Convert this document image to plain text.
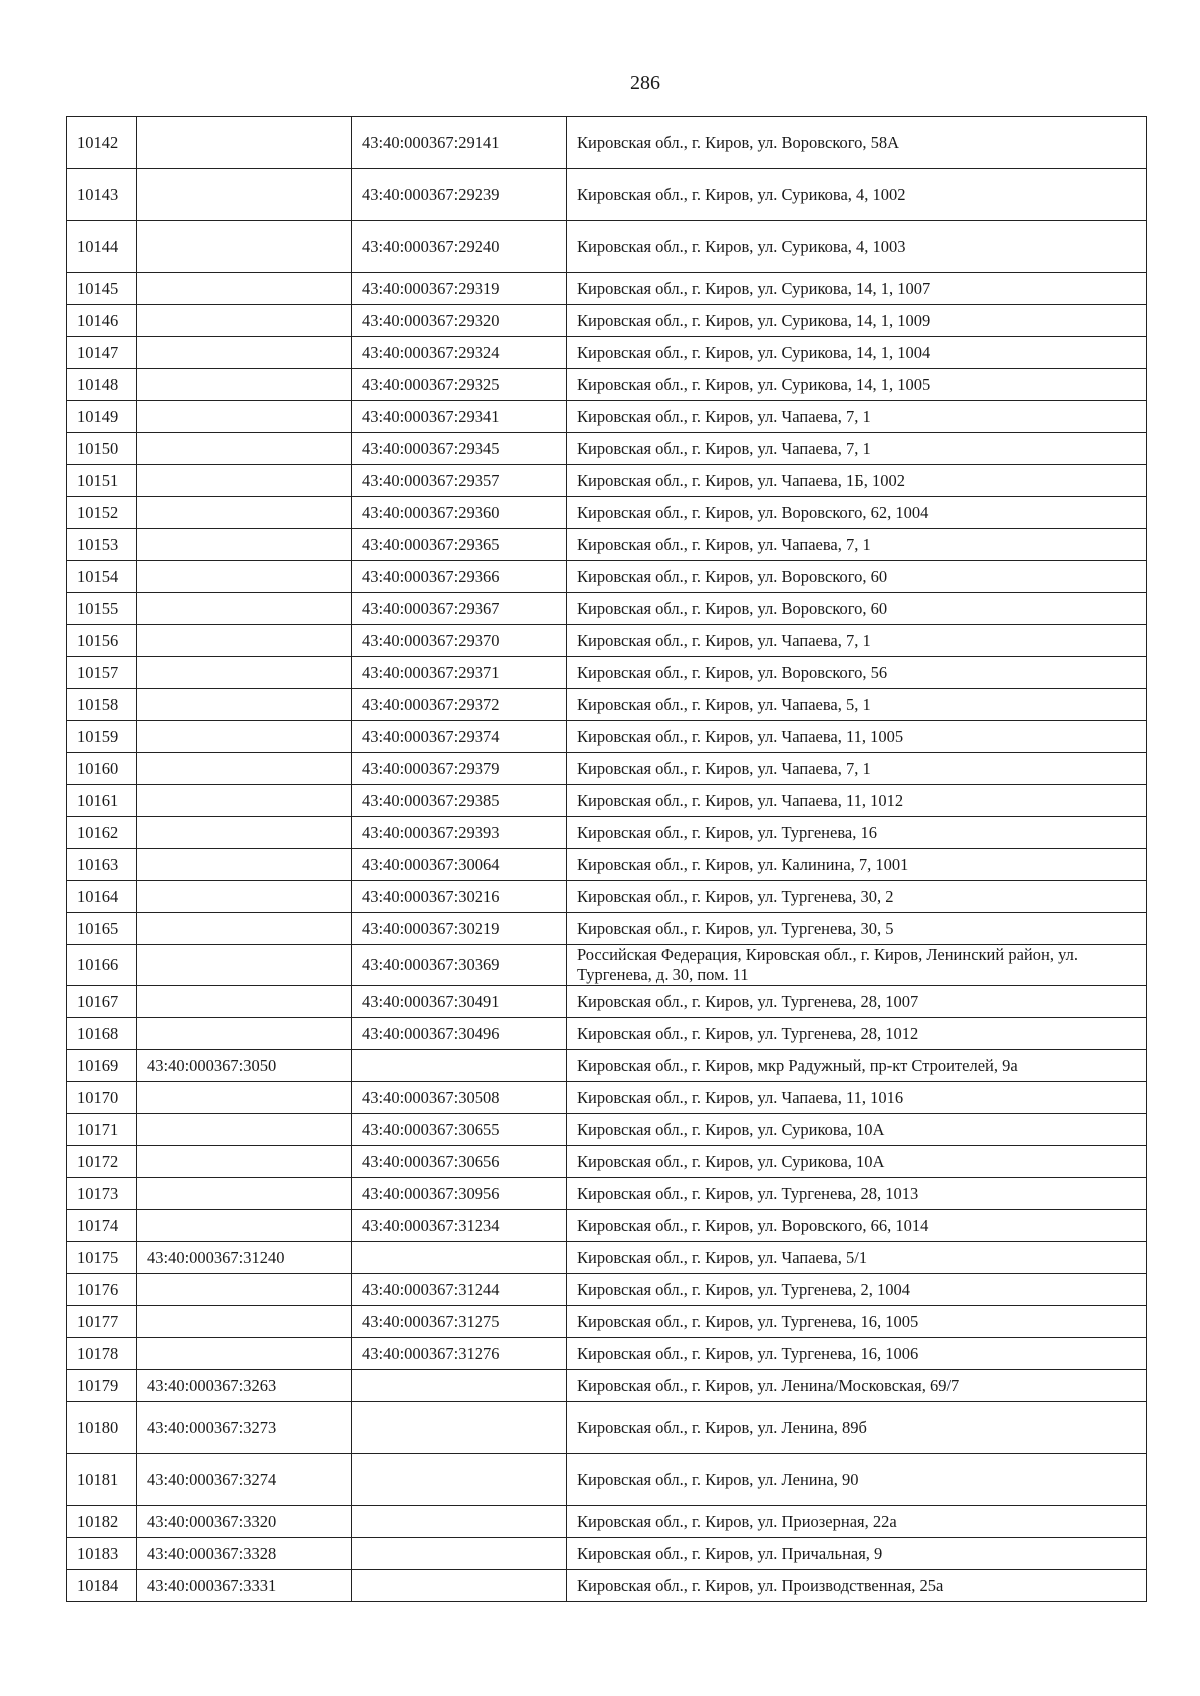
286
10142		43:40:000367:29141	Кировская обл., г. Киров, ул. Воровского, 58А
10143		43:40:000367:29239	Кировская обл., г. Киров, ул. Сурикова, 4, 1002
10144		43:40:000367:29240	Кировская обл., г. Киров, ул. Сурикова, 4, 1003
10145		43:40:000367:29319	Кировская обл., г. Киров, ул. Сурикова, 14, 1, 1007
10146		43:40:000367:29320	Кировская обл., г. Киров, ул. Сурикова, 14, 1, 1009
10147		43:40:000367:29324	Кировская обл., г. Киров, ул. Сурикова, 14, 1, 1004
10148		43:40:000367:29325	Кировская обл., г. Киров, ул. Сурикова, 14, 1, 1005
10149		43:40:000367:29341	Кировская обл., г. Киров, ул. Чапаева, 7, 1
10150		43:40:000367:29345	Кировская обл., г. Киров, ул. Чапаева, 7, 1
10151		43:40:000367:29357	Кировская обл., г. Киров, ул. Чапаева, 1Б, 1002
10152		43:40:000367:29360	Кировская обл., г. Киров, ул. Воровского, 62, 1004
10153		43:40:000367:29365	Кировская обл., г. Киров, ул. Чапаева, 7, 1
10154		43:40:000367:29366	Кировская обл., г. Киров, ул. Воровского, 60
10155		43:40:000367:29367	Кировская обл., г. Киров, ул. Воровского, 60
10156		43:40:000367:29370	Кировская обл., г. Киров, ул. Чапаева, 7, 1
10157		43:40:000367:29371	Кировская обл., г. Киров, ул. Воровского, 56
10158		43:40:000367:29372	Кировская обл., г. Киров, ул. Чапаева, 5, 1
10159		43:40:000367:29374	Кировская обл., г. Киров, ул. Чапаева, 11, 1005
10160		43:40:000367:29379	Кировская обл., г. Киров, ул. Чапаева, 7, 1
10161		43:40:000367:29385	Кировская обл., г. Киров, ул. Чапаева, 11, 1012
10162		43:40:000367:29393	Кировская обл., г. Киров, ул. Тургенева, 16
10163		43:40:000367:30064	Кировская обл., г. Киров, ул. Калинина, 7, 1001
10164		43:40:000367:30216	Кировская обл., г. Киров, ул. Тургенева, 30, 2
10165		43:40:000367:30219	Кировская обл., г. Киров, ул. Тургенева, 30, 5
10166		43:40:000367:30369	Российская Федерация, Кировская обл., г. Киров, Ленинский район, ул. Тургенева, д. 30, пом. 11
10167		43:40:000367:30491	Кировская обл., г. Киров, ул. Тургенева, 28, 1007
10168		43:40:000367:30496	Кировская обл., г. Киров, ул. Тургенева, 28, 1012
10169	43:40:000367:3050		Кировская обл., г. Киров, мкр Радужный, пр-кт Строителей, 9а
10170		43:40:000367:30508	Кировская обл., г. Киров, ул. Чапаева, 11, 1016
10171		43:40:000367:30655	Кировская обл., г. Киров, ул. Сурикова, 10А
10172		43:40:000367:30656	Кировская обл., г. Киров, ул. Сурикова, 10А
10173		43:40:000367:30956	Кировская обл., г. Киров, ул. Тургенева, 28, 1013
10174		43:40:000367:31234	Кировская обл., г. Киров, ул. Воровского, 66, 1014
10175	43:40:000367:31240		Кировская обл., г. Киров, ул. Чапаева, 5/1
10176		43:40:000367:31244	Кировская обл., г. Киров, ул. Тургенева, 2, 1004
10177		43:40:000367:31275	Кировская обл., г. Киров, ул. Тургенева, 16, 1005
10178		43:40:000367:31276	Кировская обл., г. Киров, ул. Тургенева, 16, 1006
10179	43:40:000367:3263		Кировская обл., г. Киров, ул. Ленина/Московская, 69/7
10180	43:40:000367:3273		Кировская обл., г. Киров, ул. Ленина, 89б
10181	43:40:000367:3274		Кировская обл., г. Киров, ул. Ленина, 90
10182	43:40:000367:3320		Кировская обл., г. Киров, ул. Приозерная, 22а
10183	43:40:000367:3328		Кировская обл., г. Киров, ул. Причальная, 9
10184	43:40:000367:3331		Кировская обл., г. Киров, ул. Производственная, 25а
